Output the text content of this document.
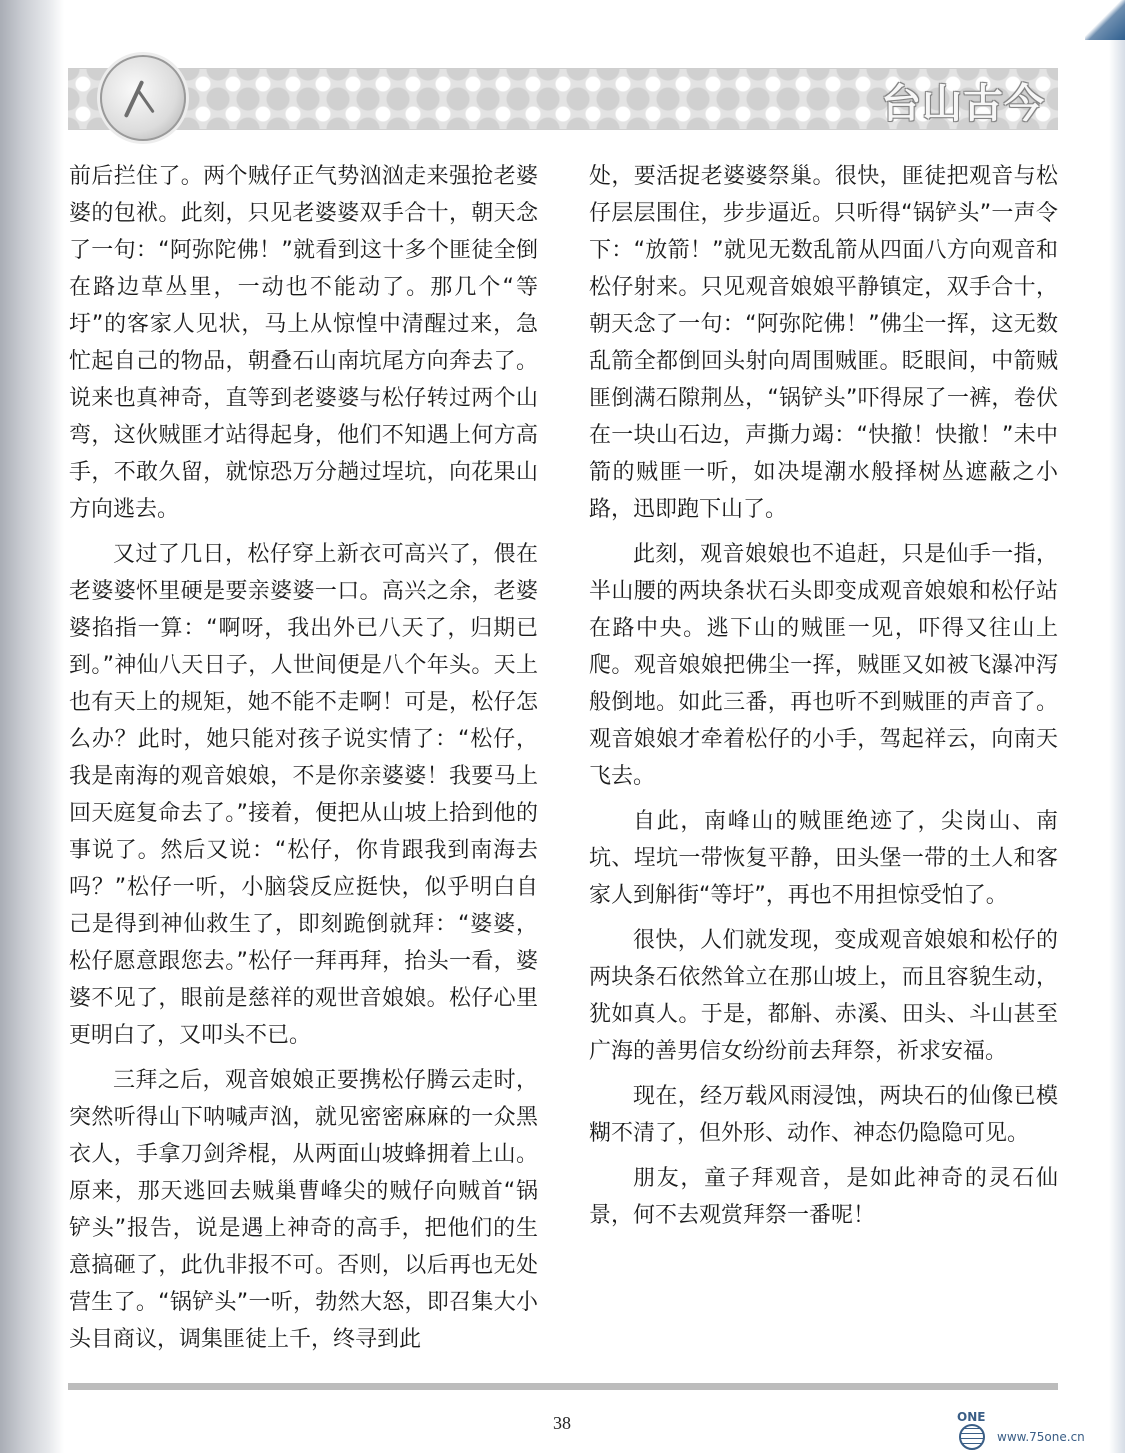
台山古今

前后拦住了。两个贼仔正气势汹汹走来强抢老婆婆的包袱。此刻，只见老婆婆双手合十，朝天念了一句：“阿弥陀佛！”就看到这十多个匪徒全倒在路边草丛里，一动也不能动了。那几个“等圩”的客家人见状，马上从惊惶中清醒过来，急忙起自己的物品，朝叠石山南坑尾方向奔去了。说来也真神奇，直等到老婆婆与松仔转过两个山弯，这伙贼匪才站得起身，他们不知遇上何方高手，不敢久留，就惊恐万分趟过埕坑，向花果山方向逃去。

又过了几日，松仔穿上新衣可高兴了，偎在老婆婆怀里硬是要亲婆婆一口。高兴之余，老婆婆掐指一算：“啊呀，我出外已八天了，归期已到。”神仙八天日子，人世间便是八个年头。天上也有天上的规矩，她不能不走啊！可是，松仔怎么办？此时，她只能对孩子说实情了：“松仔，我是南海的观音娘娘，不是你亲婆婆！我要马上回天庭复命去了。”接着，便把从山坡上拾到他的事说了。然后又说：“松仔，你肯跟我到南海去吗？”松仔一听，小脑袋反应挺快，似乎明白自己是得到神仙救生了，即刻跪倒就拜：“婆婆，松仔愿意跟您去。”松仔一拜再拜，抬头一看，婆婆不见了，眼前是慈祥的观世音娘娘。松仔心里更明白了，又叩头不已。

三拜之后，观音娘娘正要携松仔腾云走时，突然听得山下呐喊声汹，就见密密麻麻的一众黑衣人，手拿刀剑斧棍，从两面山坡蜂拥着上山。原来，那天逃回去贼巢曹峰尖的贼仔向贼首“锅铲头”报告，说是遇上神奇的高手，把他们的生意搞砸了，此仇非报不可。否则，以后再也无处营生了。“锅铲头”一听，勃然大怒，即召集大小头目商议，调集匪徒上千，终寻到此

处，要活捉老婆婆祭巢。很快，匪徒把观音与松仔层层围住，步步逼近。只听得“锅铲头”一声令下：“放箭！”就见无数乱箭从四面八方向观音和松仔射来。只见观音娘娘平静镇定，双手合十，朝天念了一句：“阿弥陀佛！”佛尘一挥，这无数乱箭全都倒回头射向周围贼匪。眨眼间，中箭贼匪倒满石隙荆丛，“锅铲头”吓得尿了一裤，卷伏在一块山石边，声撕力竭：“快撤！快撤！”未中箭的贼匪一听，如决堤潮水般择树丛遮蔽之小路，迅即跑下山了。

此刻，观音娘娘也不追赶，只是仙手一指，半山腰的两块条状石头即变成观音娘娘和松仔站在路中央。逃下山的贼匪一见，吓得又往山上爬。观音娘娘把佛尘一挥，贼匪又如被飞瀑冲泻般倒地。如此三番，再也听不到贼匪的声音了。观音娘娘才牵着松仔的小手，驾起祥云，向南天飞去。

自此，南峰山的贼匪绝迹了，尖岗山、南坑、埕坑一带恢复平静，田头堡一带的土人和客家人到斛街“等圩”，再也不用担惊受怕了。

很快，人们就发现，变成观音娘娘和松仔的两块条石依然耸立在那山坡上，而且容貌生动，犹如真人。于是，都斛、赤溪、田头、斗山甚至广海的善男信女纷纷前去拜祭，祈求安福。

现在，经万载风雨浸蚀，两块石的仙像已模糊不清了，但外形、动作、神态仍隐隐可见。

朋友，童子拜观音，是如此神奇的灵石仙景，何不去观赏拜祭一番呢！

38	ONE
www.75one.cn
